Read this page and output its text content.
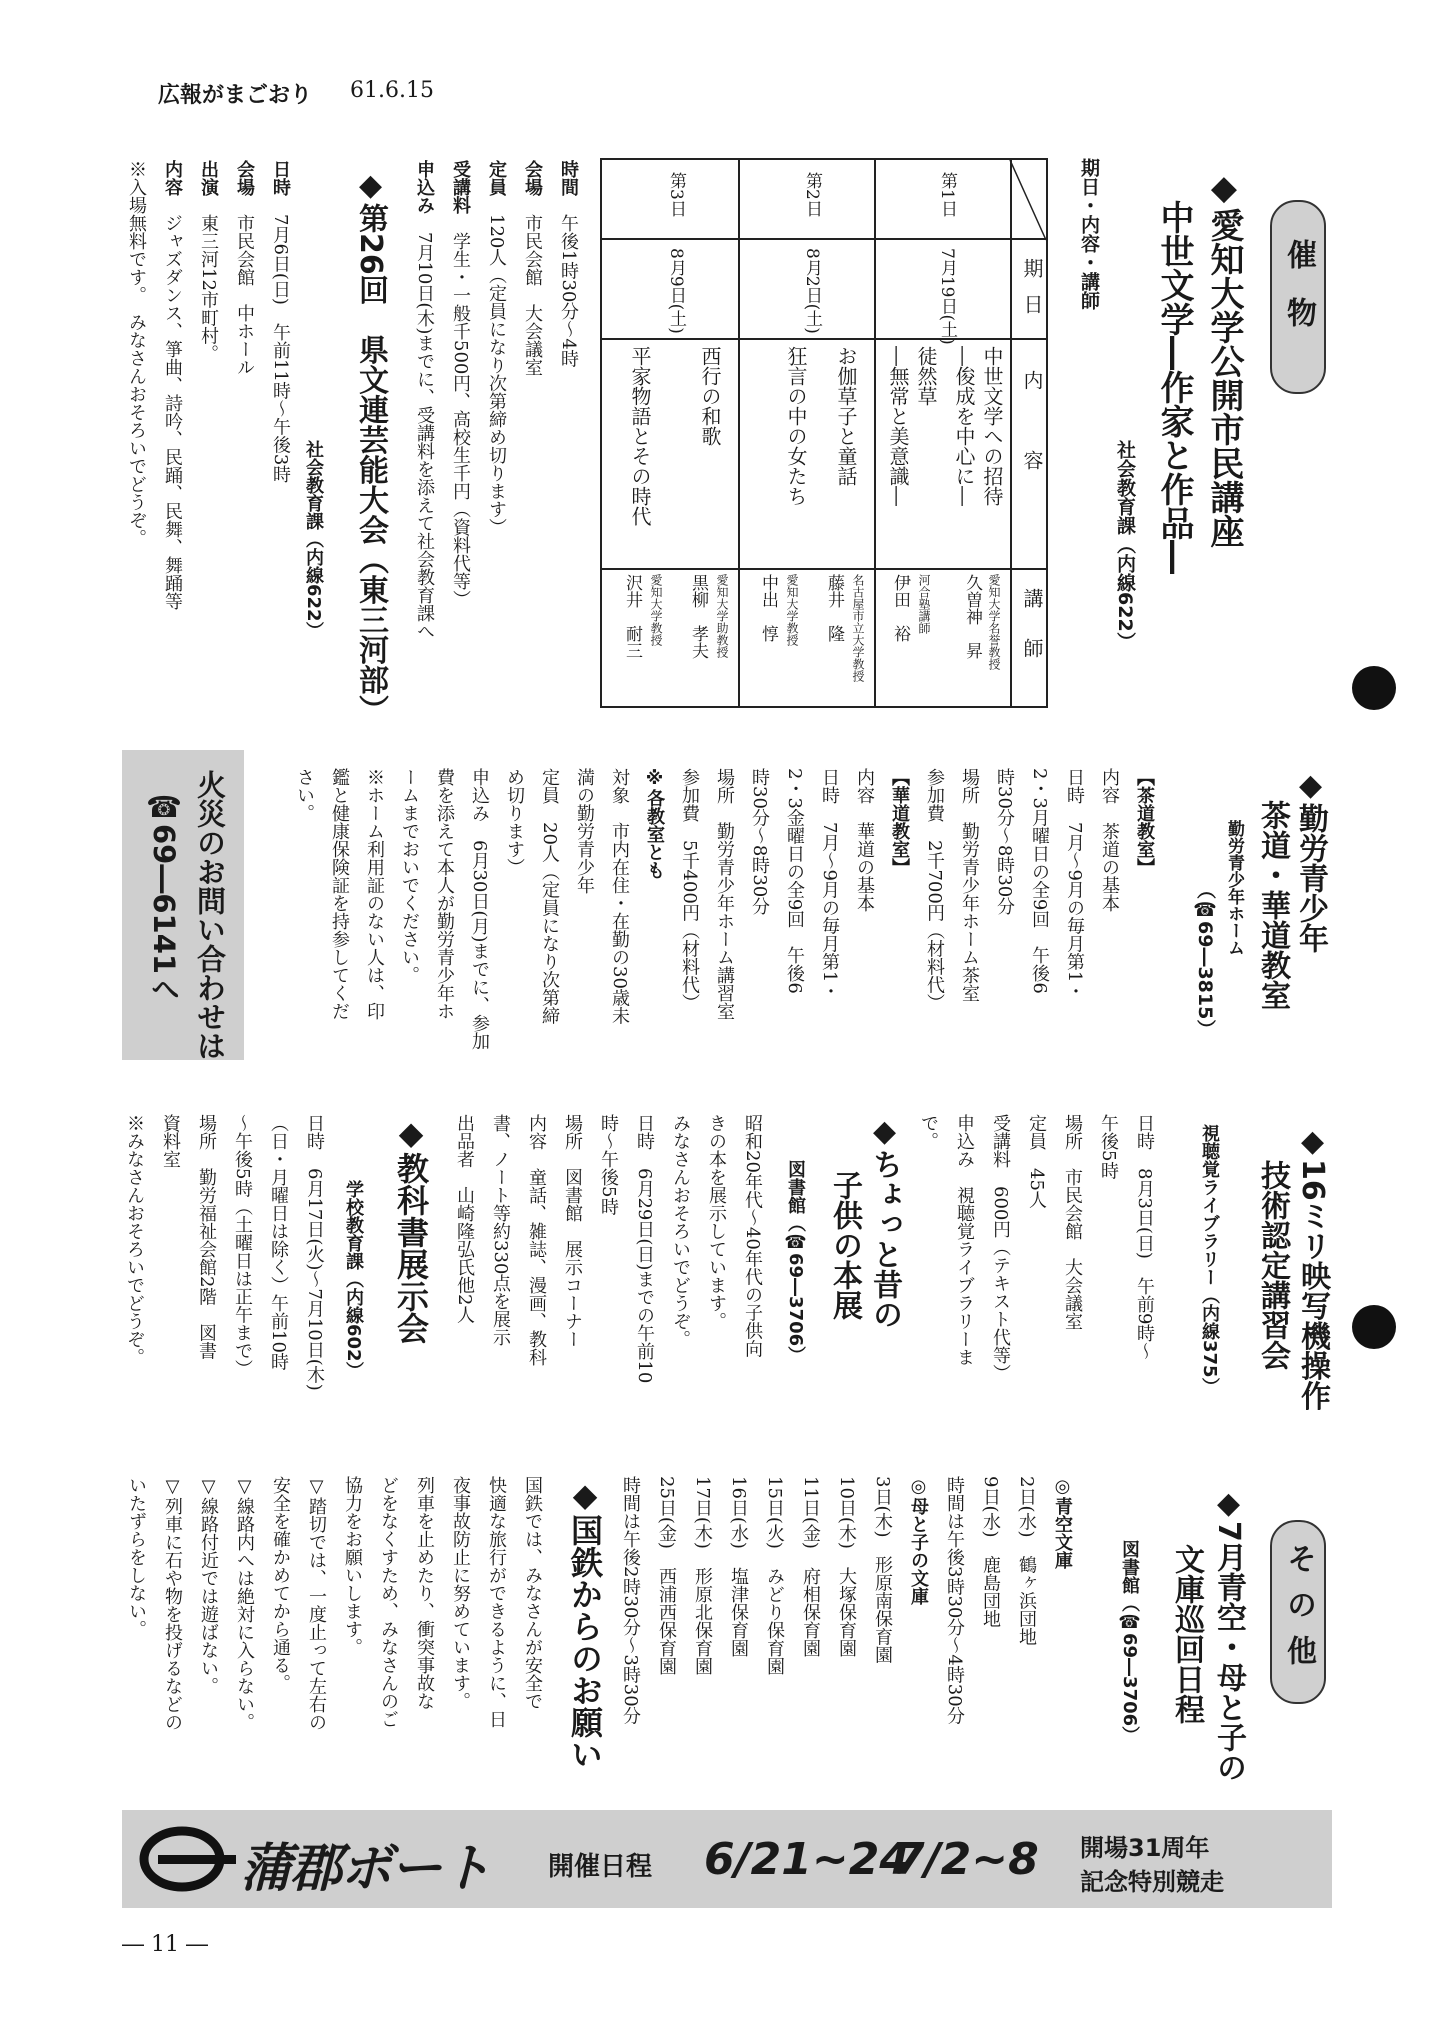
広報がまごおり 61.6.15
催物
その他
◆愛知大学公開市民講座
中世文学―作家と作品―
社会教育課（内線622）
期日・内容・講師
期日
内容
講師
第1日
7月19日(土)
中世文学への招待
―俊成を中心に―
徒然草
―無常と美意識―
愛知大学名誉教授
久曽神　昇
河合塾講師
伊田　裕
第2日
8月2日(土)
お伽草子と童話
狂言の中の女たち
名古屋市立大学教授
藤井　隆
愛知大学教授
中出　惇
第3日
8月9日(土)
西行の和歌
平家物語とその時代
愛知大学助教授
黒柳　孝夫
愛知大学教授
沢井　耐三
時間　午後1時30分～4時
会場　市民会館　大会議室
定員　120人（定員になり次第締め切ります）
受講料　学生・一般千500円、高校生千円（資料代等）
申込み　7月10日(木)までに、受講料を添えて社会教育課へ
◆第26回　県文連芸能大会（東三河部）
社会教育課（内線622）
日時　7月6日(日)　午前11時～午後3時
会場　市民会館　中ホール
出演　東三河12市町村。
内容　ジャズダンス、箏曲、詩吟、民踊、民舞、舞踊等
※入場無料です。　みなさんおそろいでどうぞ。
◆勤労青少年
茶道・華道教室
勤労青少年ホーム
（☎69―3815）
【茶道教室】
内容　茶道の基本
日時　7月～9月の毎月第1・
2・3月曜日の全9回　午後6
時30分～8時30分
場所　勤労青少年ホーム茶室
参加費　2千700円（材料代）
【華道教室】
内容　華道の基本
日時　7月～9月の毎月第1・
2・3金曜日の全9回　午後6
時30分～8時30分
場所　勤労青少年ホーム講習室
参加費　5千400円（材料代）
※各教室とも
対象　市内在住・在勤の30歳未
満の勤労青少年
定員　20人（定員になり次第締
め切ります）
申込み　6月30日(月)までに、参加
費を添えて本人が勤労青少年ホ
ームまでおいでください。
※ホーム利用証のない人は、印
鑑と健康保険証を持参してくだ
さい。
火災のお問い合わせは
☎69―6141へ
◆16ミリ映写機操作
技術認定講習会
視聴覚ライブラリー（内線375）
日時　8月3日(日)　午前9時～
午後5時
場所　市民会館　大会議室
定員　45人
受講料　600円（テキスト代等）
申込み　視聴覚ライブラリーま
で。
◆ちょっと昔の
子供の本展
図書館（☎69―3706）
昭和20年代～40年代の子供向
きの本を展示しています。
みなさんおそろいでどうぞ。
日時　6月29日(日)までの午前10
時～午後5時
場所　図書館　展示コーナー
内容　童話、雑誌、漫画、教科
書、ノート等約330点を展示
出品者　山崎隆弘氏他2人
◆教科書展示会
学校教育課（内線602）
日時　6月17日(火)～7月10日(木)
（日・月曜日は除く）午前10時
～午後5時（土曜日は正午まで）
場所　勤労福祉会館2階　図書
資料室
※みなさんおそろいでどうぞ。
◆7月青空・母と子の
文庫巡回日程
図書館（☎69―3706）
◎青空文庫
2日(水)　鶴ヶ浜団地
9日(水)　鹿島団地
時間は午後3時30分～4時30分
◎母と子の文庫
3日(木)　形原南保育園
10日(木)　大塚保育園
11日(金)　府相保育園
15日(火)　みどり保育園
16日(水)　塩津保育園
17日(木)　形原北保育園
25日(金)　西浦西保育園
時間は午後2時30分～3時30分
◆国鉄からのお願い
国鉄では、みなさんが安全で
快適な旅行ができるように、日
夜事故防止に努めています。
列車を止めたり、衝突事故な
どをなくすため、みなさんのご
協力をお願いします。
▽踏切では、一度止って左右の
安全を確かめてから通る。
▽線路内へは絶対に入らない。
▽線路付近では遊ばない。
▽列車に石や物を投げるなどの
いたずらをしない。
蒲郡ボート 開催日程 6/21~24
7/2~8 開場31周年
記念特別競走
― 11 ―
